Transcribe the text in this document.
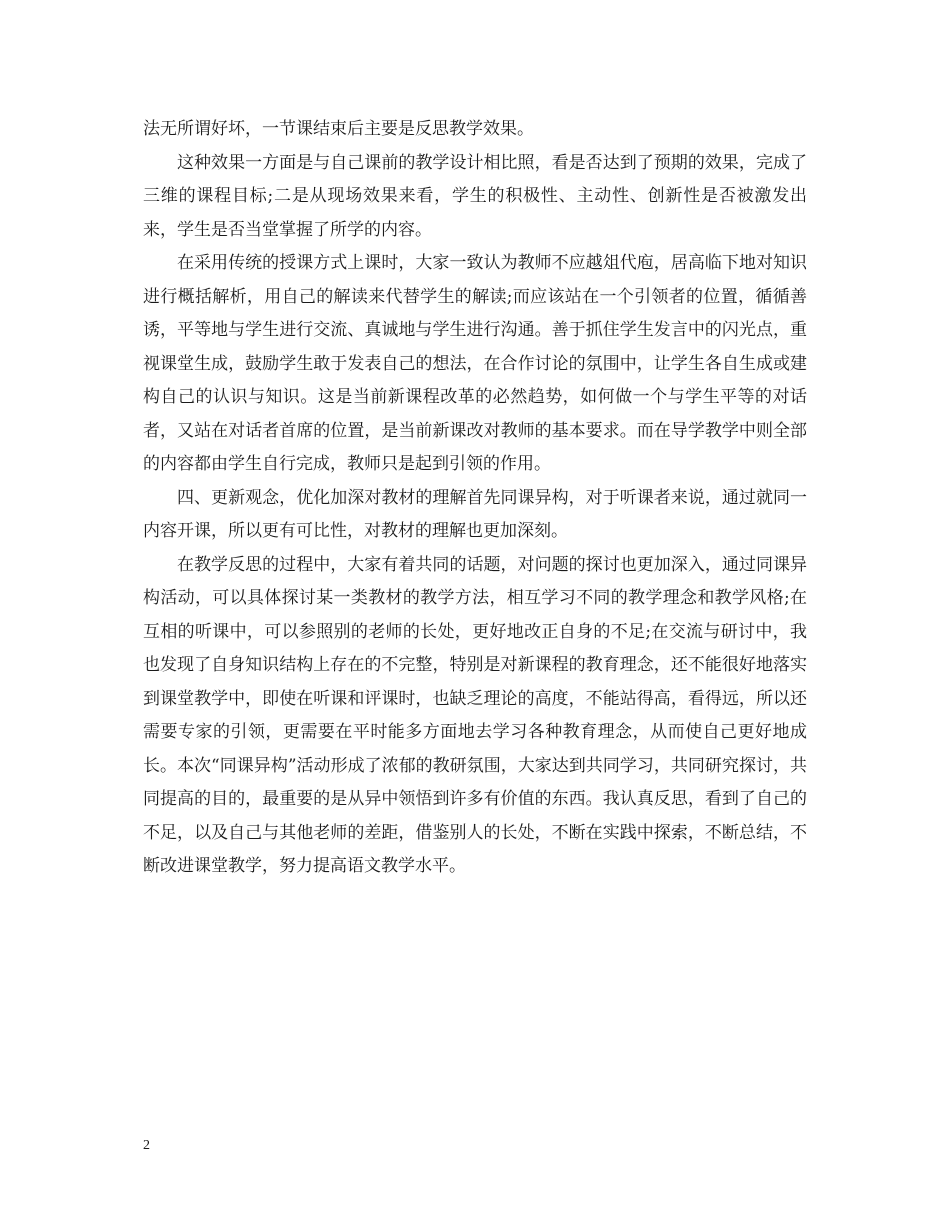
法无所谓好坏，一节课结束后主要是反思教学效果。

这种效果一方面是与自己课前的教学设计相比照，看是否达到了预期的效果，完成了三维的课程目标;二是从现场效果来看，学生的积极性、主动性、创新性是否被激发出来，学生是否当堂掌握了所学的内容。

在采用传统的授课方式上课时，大家一致认为教师不应越俎代庖，居高临下地对知识进行概括解析，用自己的解读来代替学生的解读;而应该站在一个引领者的位置，循循善诱，平等地与学生进行交流、真诚地与学生进行沟通。善于抓住学生发言中的闪光点，重视课堂生成，鼓励学生敢于发表自己的想法，在合作讨论的氛围中，让学生各自生成或建构自己的认识与知识。这是当前新课程改革的必然趋势，如何做一个与学生平等的对话者，又站在对话者首席的位置，是当前新课改对教师的基本要求。而在导学教学中则全部的内容都由学生自行完成，教师只是起到引领的作用。

四、更新观念，优化加深对教材的理解首先同课异构，对于听课者来说，通过就同一内容开课，所以更有可比性，对教材的理解也更加深刻。

在教学反思的过程中，大家有着共同的话题，对问题的探讨也更加深入，通过同课异构活动，可以具体探讨某一类教材的教学方法，相互学习不同的教学理念和教学风格;在互相的听课中，可以参照别的老师的长处，更好地改正自身的不足;在交流与研讨中，我也发现了自身知识结构上存在的不完整，特别是对新课程的教育理念，还不能很好地落实到课堂教学中，即使在听课和评课时，也缺乏理论的高度，不能站得高，看得远，所以还需要专家的引领，更需要在平时能多方面地去学习各种教育理念，从而使自己更好地成长。本次“同课异构”活动形成了浓郁的教研氛围，大家达到共同学习，共同研究探讨，共同提高的目的，最重要的是从异中领悟到许多有价值的东西。我认真反思，看到了自己的不足，以及自己与其他老师的差距，借鉴别人的长处，不断在实践中探索，不断总结，不断改进课堂教学，努力提高语文教学水平。

2
